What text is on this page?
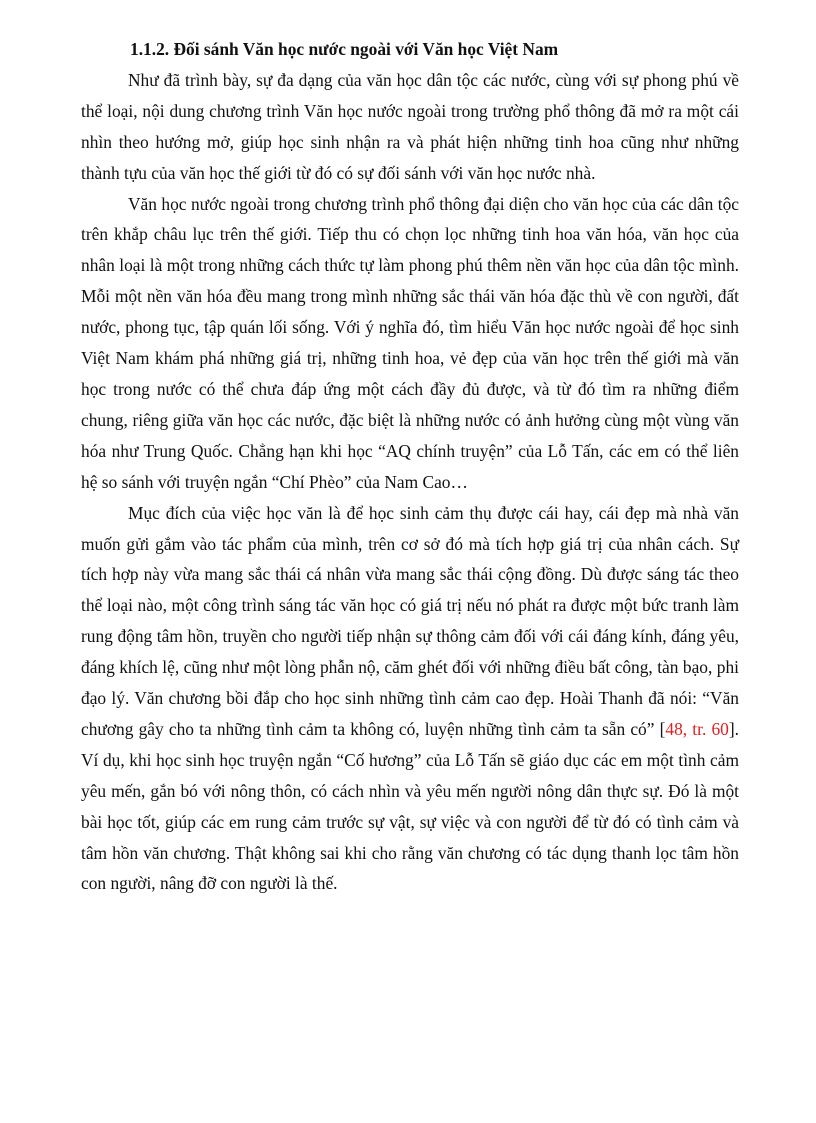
1.1.2. Đối sánh Văn học nước ngoài với Văn học Việt Nam

Như đã trình bày, sự đa dạng của văn học dân tộc các nước, cùng với sự phong phú về thể loại, nội dung chương trình Văn học nước ngoài trong trường phổ thông đã mở ra một cái nhìn theo hướng mở, giúp học sinh nhận ra và phát hiện những tinh hoa cũng như những thành tựu của văn học thế giới từ đó có sự đối sánh với văn học nước nhà.

Văn học nước ngoài trong chương trình phổ thông đại diện cho văn học của các dân tộc trên khắp châu lục trên thế giới. Tiếp thu có chọn lọc những tinh hoa văn hóa, văn học của nhân loại là một trong những cách thức tự làm phong phú thêm nền văn học của dân tộc mình. Mỗi một nền văn hóa đều mang trong mình những sắc thái văn hóa đặc thù về con người, đất nước, phong tục, tập quán lối sống. Với ý nghĩa đó, tìm hiểu Văn học nước ngoài để học sinh Việt Nam khám phá những giá trị, những tinh hoa, vẻ đẹp của văn học trên thế giới mà văn học trong nước có thể chưa đáp ứng một cách đầy đủ được, và từ đó tìm ra những điểm chung, riêng giữa văn học các nước, đặc biệt là những nước có ảnh hưởng cùng một vùng văn hóa như Trung Quốc. Chẳng hạn khi học “AQ chính truyện” của Lỗ Tấn, các em có thể liên hệ so sánh với truyện ngắn “Chí Phèo” của Nam Cao…

Mục đích của việc học văn là để học sinh cảm thụ được cái hay, cái đẹp mà nhà văn muốn gửi gắm vào tác phẩm của mình, trên cơ sở đó mà tích hợp giá trị của nhân cách. Sự tích hợp này vừa mang sắc thái cá nhân vừa mang sắc thái cộng đồng. Dù được sáng tác theo thể loại nào, một công trình sáng tác văn học có giá trị nếu nó phát ra được một bức tranh làm rung động tâm hồn, truyền cho người tiếp nhận sự thông cảm đối với cái đáng kính, đáng yêu, đáng khích lệ, cũng như một lòng phẫn nộ, căm ghét đối với những điều bất công, tàn bạo, phi đạo lý. Văn chương bồi đắp cho học sinh những tình cảm cao đẹp. Hoài Thanh đã nói: “Văn chương gây cho ta những tình cảm ta không có, luyện những tình cảm ta sẵn có” [48, tr. 60]. Ví dụ, khi học sinh học truyện ngắn “Cố hương” của Lỗ Tấn sẽ giáo dục các em một tình cảm yêu mến, gắn bó với nông thôn, có cách nhìn và yêu mến người nông dân thực sự. Đó là một bài học tốt, giúp các em rung cảm trước sự vật, sự việc và con người để từ đó có tình cảm và tâm hồn văn chương. Thật không sai khi cho rằng văn chương có tác dụng thanh lọc tâm hồn con người, nâng đỡ con người là thế.
